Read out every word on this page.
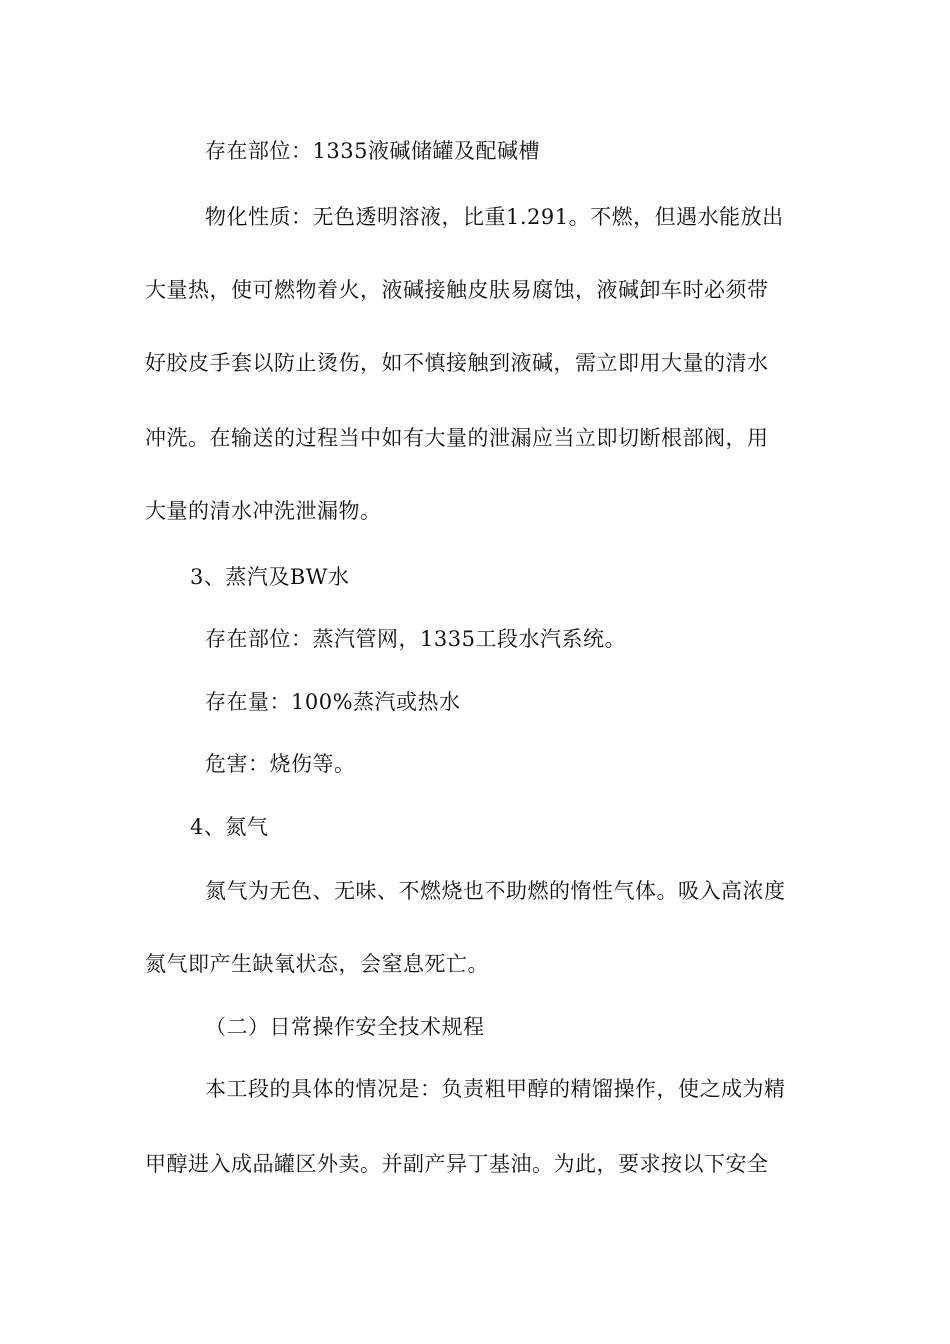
存在部位：1335液碱储罐及配碱槽
物化性质：无色透明溶液，比重1.291。不燃，但遇水能放出
大量热，使可燃物着火，液碱接触皮肤易腐蚀，液碱卸车时必须带
好胶皮手套以防止烫伤，如不慎接触到液碱，需立即用大量的清水
冲洗。在输送的过程当中如有大量的泄漏应当立即切断根部阀，用
大量的清水冲洗泄漏物。
3、蒸汽及BW水
存在部位：蒸汽管网，1335工段水汽系统。
存在量：100%蒸汽或热水
危害：烧伤等。
4、氮气
氮气为无色、无味、不燃烧也不助燃的惰性气体。吸入高浓度
氮气即产生缺氧状态，会窒息死亡。
（二）日常操作安全技术规程
本工段的具体的情况是：负责粗甲醇的精馏操作，使之成为精
甲醇进入成品罐区外卖。并副产异丁基油。为此，要求按以下安全
